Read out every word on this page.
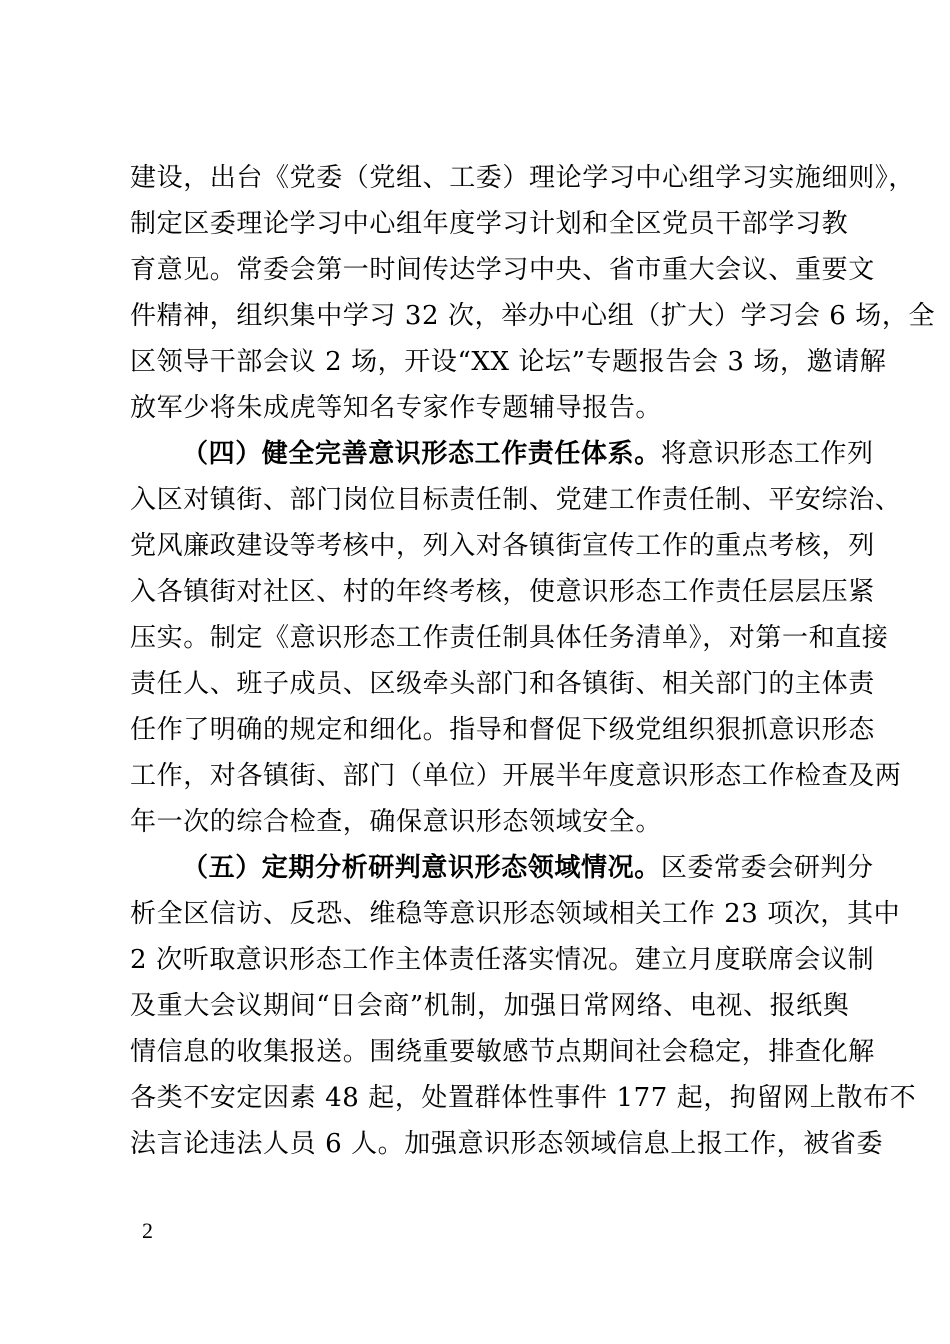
建设，出台《党委（党组、工委）理论学习中心组学习实施细则》，
制定区委理论学习中心组年度学习计划和全区党员干部学习教
育意见。常委会第一时间传达学习中央、省市重大会议、重要文
件精神，组织集中学习 32 次，举办中心组（扩大）学习会 6 场，全
区领导干部会议 2 场，开设“XX 论坛”专题报告会 3 场，邀请解
放军少将朱成虎等知名专家作专题辅导报告。
（四）健全完善意识形态工作责任体系。将意识形态工作列
入区对镇街、部门岗位目标责任制、党建工作责任制、平安综治、
党风廉政建设等考核中，列入对各镇街宣传工作的重点考核，列
入各镇街对社区、村的年终考核，使意识形态工作责任层层压紧
压实。制定《意识形态工作责任制具体任务清单》，对第一和直接
责任人、班子成员、区级牵头部门和各镇街、相关部门的主体责
任作了明确的规定和细化。指导和督促下级党组织狠抓意识形态
工作，对各镇街、部门（单位）开展半年度意识形态工作检查及两
年一次的综合检查，确保意识形态领域安全。
（五）定期分析研判意识形态领域情况。区委常委会研判分
析全区信访、反恐、维稳等意识形态领域相关工作 23 项次，其中
2 次听取意识形态工作主体责任落实情况。建立月度联席会议制
及重大会议期间“日会商”机制，加强日常网络、电视、报纸舆
情信息的收集报送。围绕重要敏感节点期间社会稳定，排查化解
各类不安定因素 48 起，处置群体性事件 177 起，拘留网上散布不
法言论违法人员 6 人。加强意识形态领域信息上报工作，被省委
2
